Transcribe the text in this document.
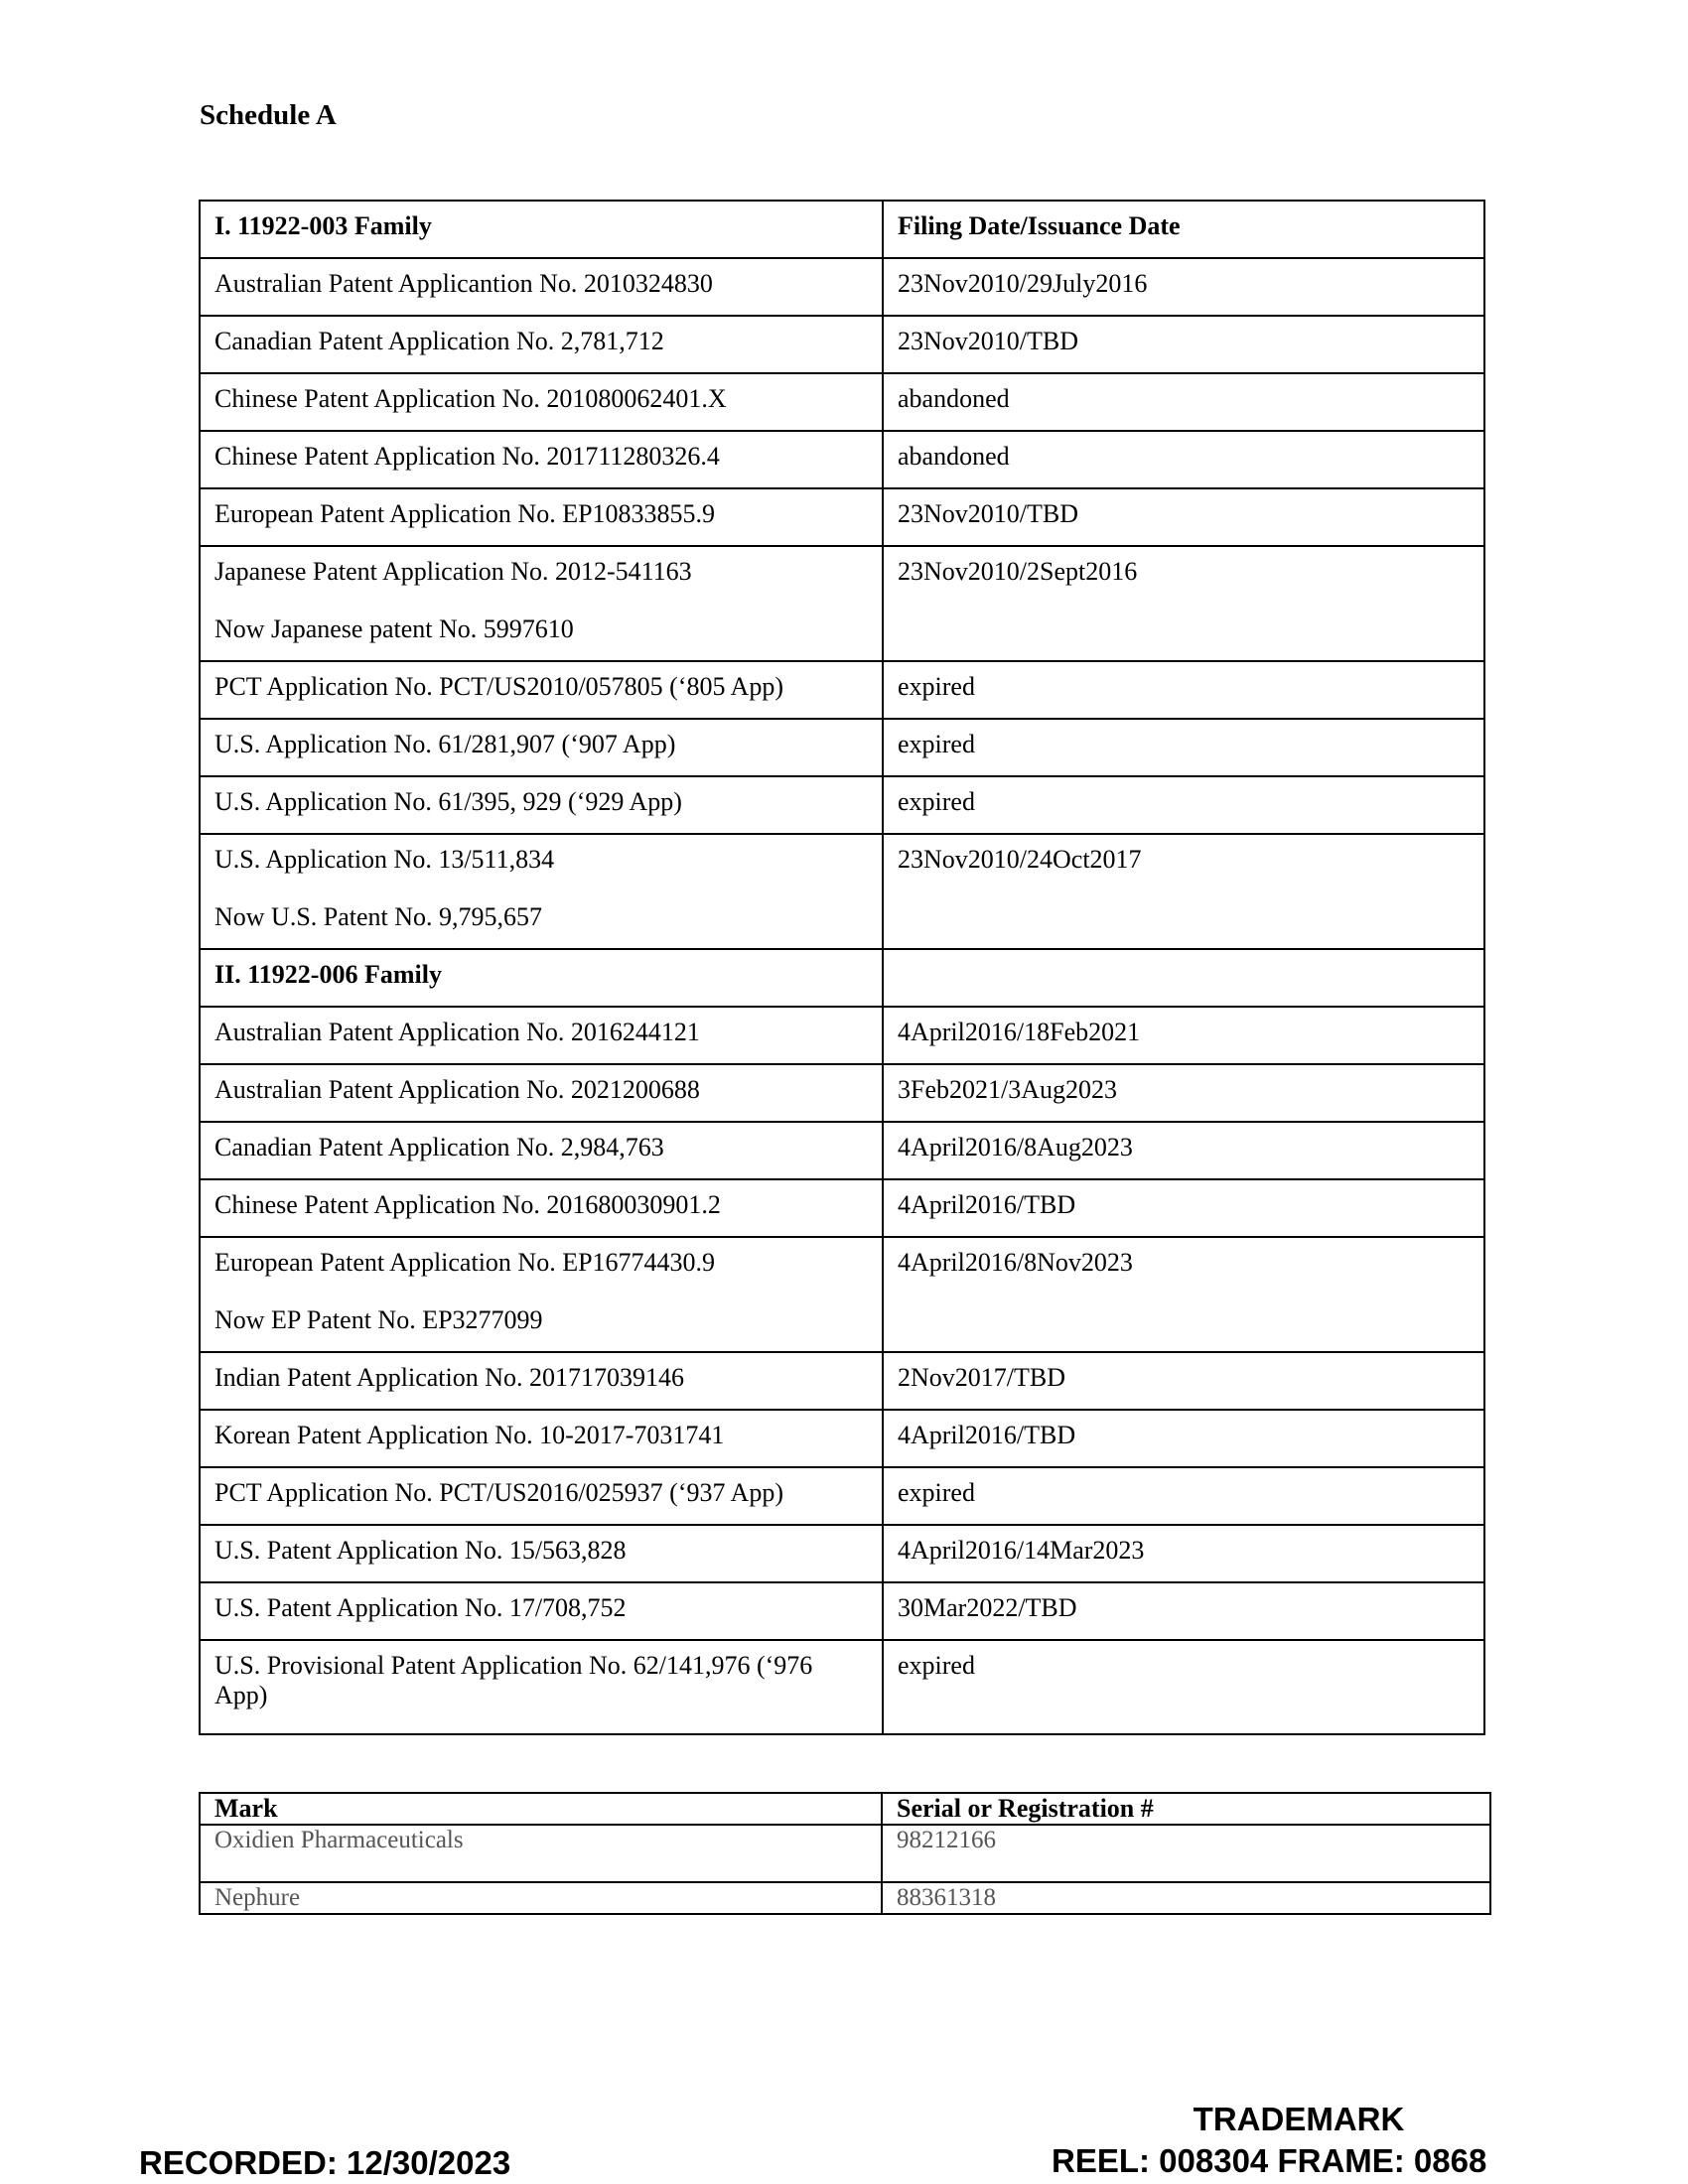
Schedule A
I. 11922-003 Family	Filing Date/Issuance Date
Australian Patent Applicantion No. 2010324830	23Nov2010/29July2016
Canadian Patent Application No. 2,781,712	23Nov2010/TBD
Chinese Patent Application No. 201080062401.X	abandoned
Chinese Patent Application No. 201711280326.4	abandoned
European Patent Application No. EP10833855.9	23Nov2010/TBD
Japanese Patent Application No. 2012-541163
Now Japanese patent No. 5997610	23Nov2010/2Sept2016
PCT Application No. PCT/US2010/057805 (‘805 App)	expired
U.S. Application No. 61/281,907 (‘907 App)	expired
U.S. Application No. 61/395, 929 (‘929 App)	expired
U.S. Application No. 13/511,834
Now U.S. Patent No. 9,795,657	23Nov2010/24Oct2017
II. 11922-006 Family	
Australian Patent Application No. 2016244121	4April2016/18Feb2021
Australian Patent Application No. 2021200688	3Feb2021/3Aug2023
Canadian Patent Application No. 2,984,763	4April2016/8Aug2023
Chinese Patent Application No. 201680030901.2	4April2016/TBD
European Patent Application No. EP16774430.9
Now EP Patent No. EP3277099	4April2016/8Nov2023
Indian Patent Application No. 201717039146	2Nov2017/TBD
Korean Patent Application No. 10-2017-7031741	4April2016/TBD
PCT Application No. PCT/US2016/025937 (‘937 App)	expired
U.S. Patent Application No. 15/563,828	4April2016/14Mar2023
U.S. Patent Application No. 17/708,752	30Mar2022/TBD
U.S. Provisional Patent Application No. 62/141,976 (‘976 App)	expired
Mark	Serial or Registration #
Oxidien Pharmaceuticals	98212166
Nephure	88361318
RECORDED: 12/30/2023
TRADEMARK
REEL: 008304 FRAME: 0868
